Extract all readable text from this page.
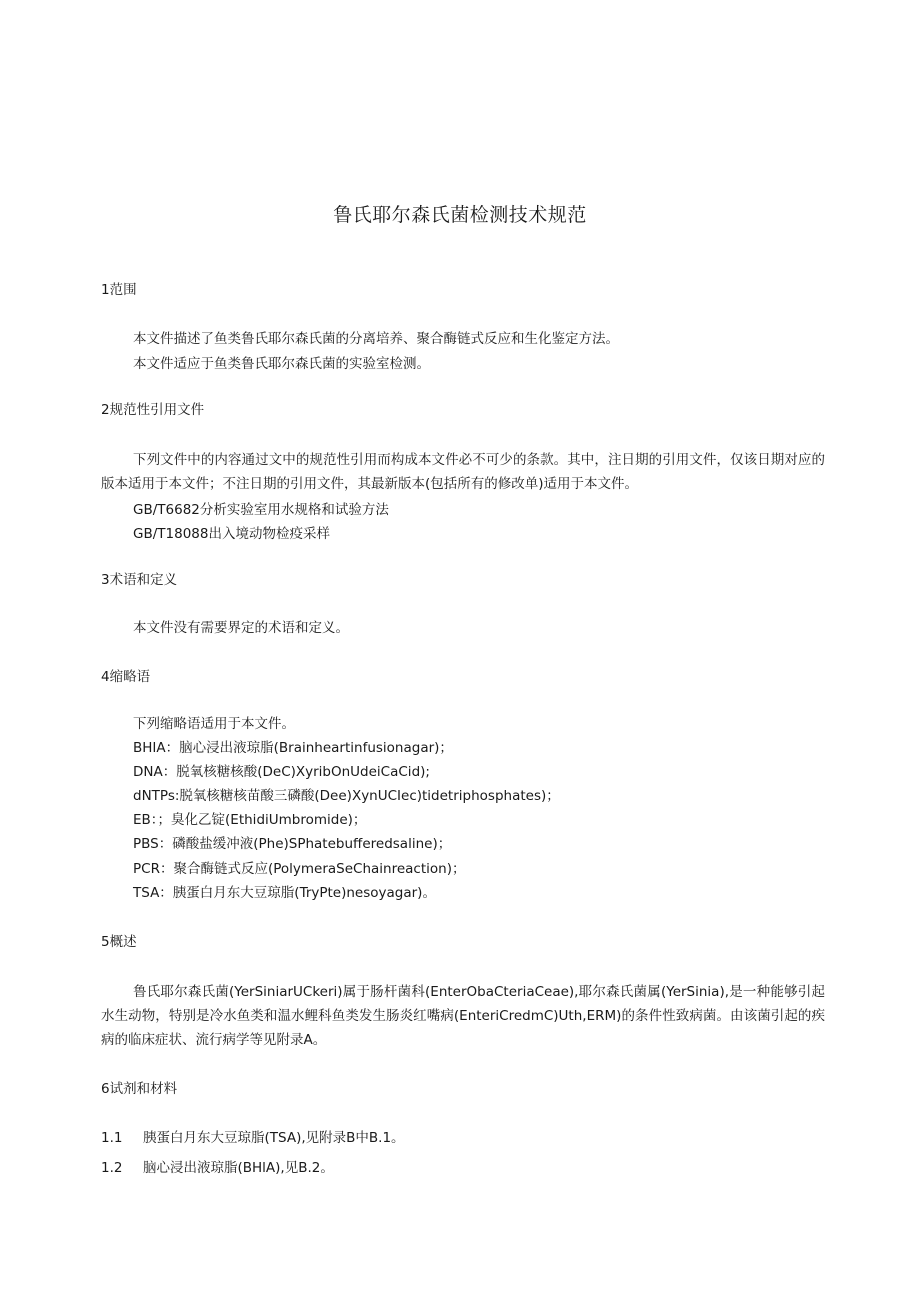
鲁氏耶尔森氏菌检测技术规范
1范围
本文件描述了鱼类鲁氏耶尔森氏菌的分离培养、聚合酶链式反应和生化鉴定方法。
本文件适应于鱼类鲁氏耶尔森氏菌的实验室检测。
2规范性引用文件
下列文件中的内容通过文中的规范性引用而构成本文件必不可少的条款。其中，注日期的引用文件，仅该日期对应的版本适用于本文件；不注日期的引用文件，其最新版本(包括所有的修改单)适用于本文件。
GB/T6682分析实验室用水规格和试验方法
GB/T18088出入境动物检疫采样
3术语和定义
本文件没有需要界定的术语和定义。
4缩略语
下列缩略语适用于本文件。
BHIA：脑心浸出液琼脂(Brainheartinfusionagar)；
DNA：脱氧核糖核酸(DeC)XyribOnUdeiCaCid);
dNTPs:脱氧核糖核苗酸三磷酸(Dee)XynUCIec)tidetriphosphates)；
EB：；臭化乙锭(EthidiUmbromide)；
PBS：磷酸盐缓冲液(Phe)SPhatebufferedsaline)；
PCR：聚合酶链式反应(PolymeraSeChainreaction)；
TSA：胰蛋白月东大豆琼脂(TryPte)nesoyagar)。
5概述
鲁氏耶尔森氏菌(YerSiniarUCkeri)属于肠杆菌科(EnterObaCteriaCeae),耶尔森氏菌属(YerSinia),是一种能够引起水生动物，特别是冷水鱼类和温水鲤科鱼类发生肠炎红嘴病(EnteriCredmC)Uth,ERM)的条件性致病菌。由该菌引起的疾病的临床症状、流行病学等见附录A。
6试剂和材料
1.1 胰蛋白月东大豆琼脂(TSA),见附录B中B.1。
1.2 脑心浸出液琼脂(BHlA),见B.2。
